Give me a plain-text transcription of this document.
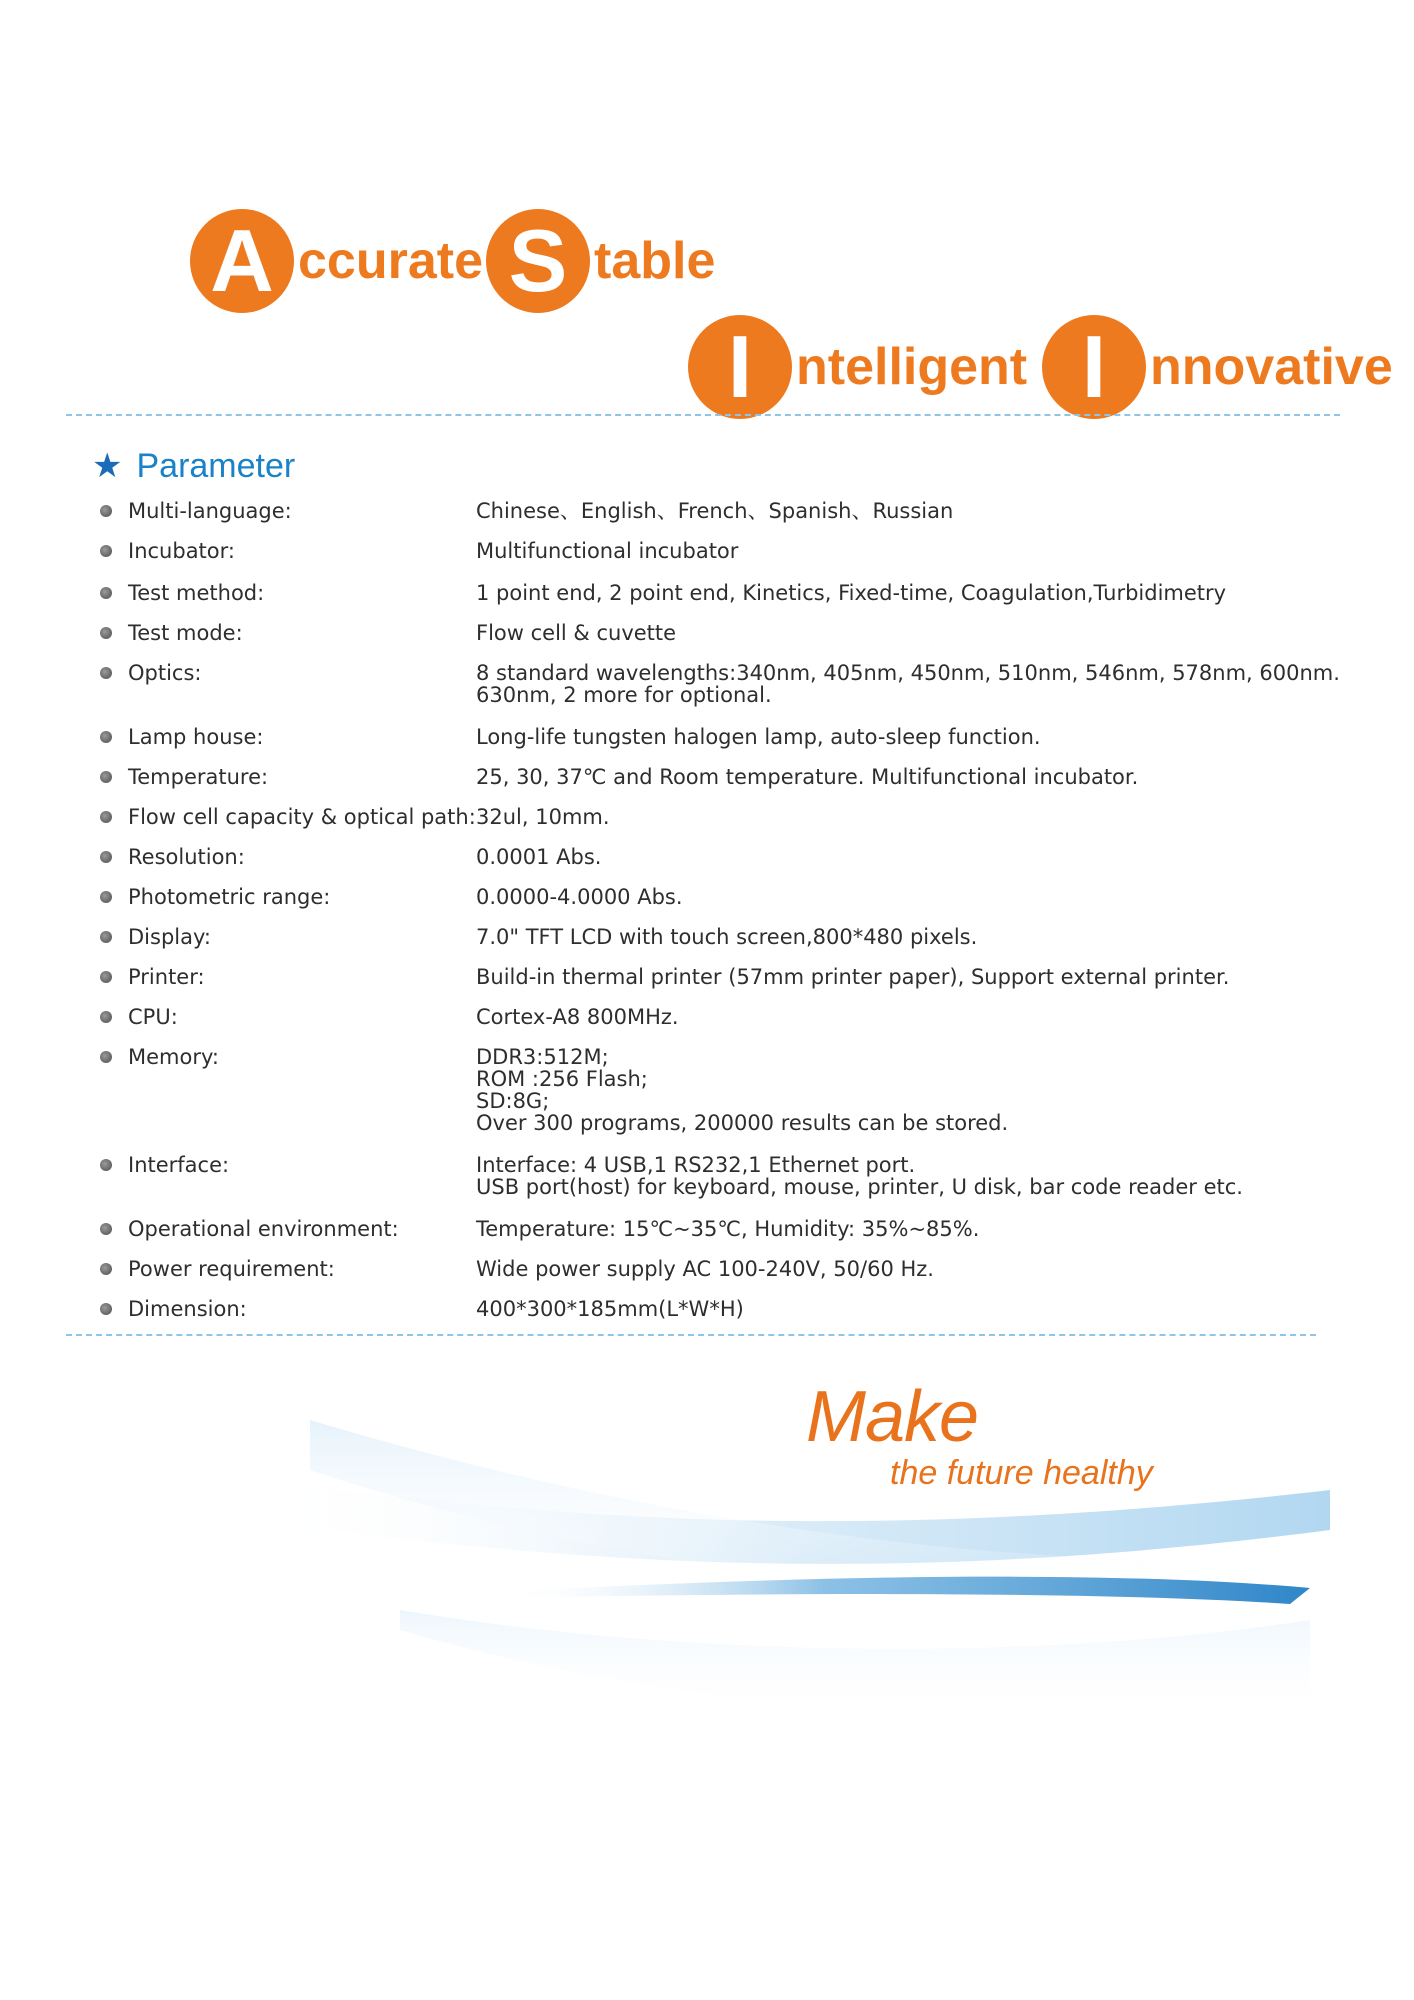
A ccurate S table
I ntelligent I nnovative
★ Parameter
Multi-language:	Chinese、English、French、Spanish、Russian
Incubator:	Multifunctional incubator
Test method:	1 point end, 2 point end, Kinetics, Fixed-time, Coagulation,Turbidimetry
Test mode:	Flow cell & cuvette
Optics:	8 standard wavelengths:340nm, 405nm, 450nm, 510nm, 546nm, 578nm, 600nm.
630nm, 2 more for optional.
Lamp house:	Long-life tungsten halogen lamp, auto-sleep function.
Temperature:	25, 30, 37℃ and Room temperature. Multifunctional incubator.
Flow cell capacity & optical path: 32ul, 10mm.
Resolution:	0.0001 Abs.
Photometric range:	0.0000-4.0000 Abs.
Display:	7.0" TFT LCD with touch screen,800*480 pixels.
Printer:	Build-in thermal printer (57mm printer paper), Support external printer.
CPU:	Cortex-A8 800MHz.
Memory:	DDR3:512M;
ROM :256 Flash;
SD:8G;
Over 300 programs, 200000 results can be stored.
Interface:	Interface: 4 USB,1 RS232,1 Ethernet port.
USB port(host) for keyboard, mouse, printer, U disk, bar code reader etc.
Operational environment:	Temperature: 15℃~35℃, Humidity: 35%~85%.
Power requirement:	Wide power supply AC 100-240V, 50/60 Hz.
Dimension:	400*300*185mm(L*W*H)
Make
the future healthy
